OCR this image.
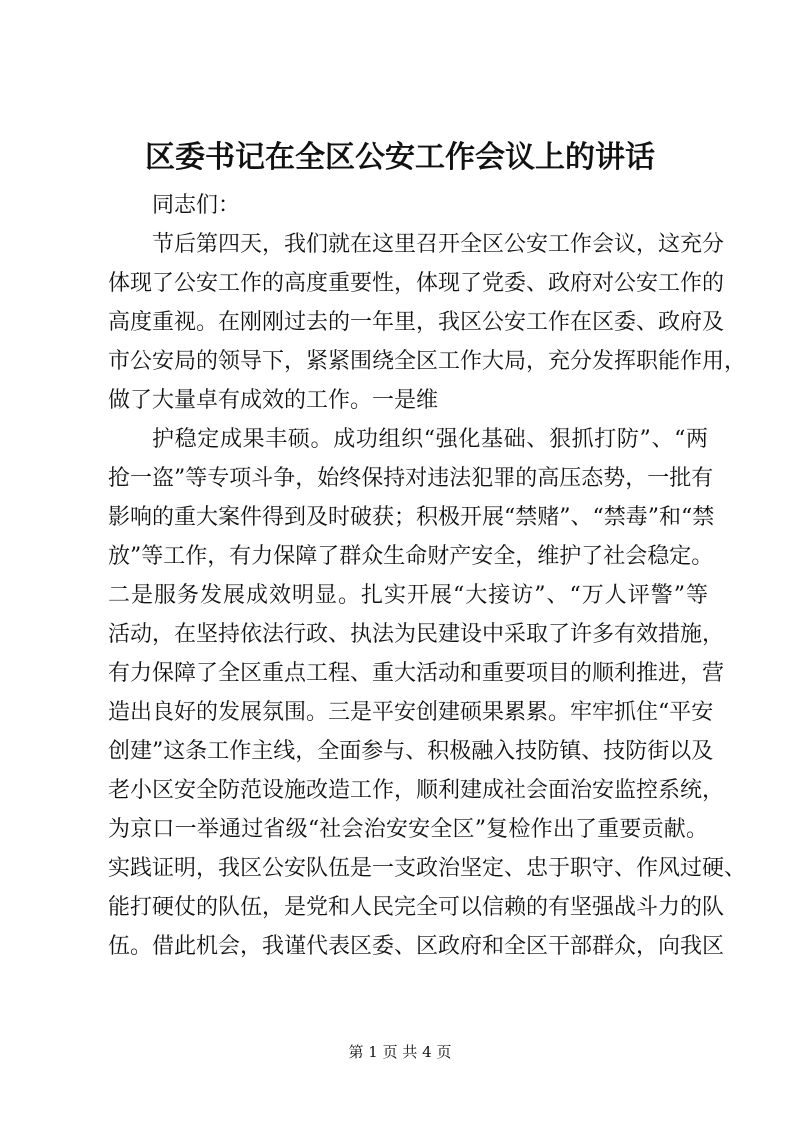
区委书记在全区公安工作会议上的讲话
同志们：
节后第四天，我们就在这里召开全区公安工作会议，这充分
体现了公安工作的高度重要性，体现了党委、政府对公安工作的
高度重视。在刚刚过去的一年里，我区公安工作在区委、政府及
市公安局的领导下，紧紧围绕全区工作大局，充分发挥职能作用，
做了大量卓有成效的工作。一是维
护稳定成果丰硕。成功组织“强化基础、狠抓打防”、“两
抢一盗”等专项斗争，始终保持对违法犯罪的高压态势，一批有
影响的重大案件得到及时破获；积极开展“禁赌”、“禁毒”和“禁
放”等工作，有力保障了群众生命财产安全，维护了社会稳定。
二是服务发展成效明显。扎实开展“大接访”、“万人评警”等
活动，在坚持依法行政、执法为民建设中采取了许多有效措施，
有力保障了全区重点工程、重大活动和重要项目的顺利推进，营
造出良好的发展氛围。三是平安创建硕果累累。牢牢抓住“平安
创建”这条工作主线，全面参与、积极融入技防镇、技防街以及
老小区安全防范设施改造工作，顺利建成社会面治安监控系统，
为京口一举通过省级“社会治安安全区”复检作出了重要贡献。
实践证明，我区公安队伍是一支政治坚定、忠于职守、作风过硬、
能打硬仗的队伍，是党和人民完全可以信赖的有坚强战斗力的队
伍。借此机会，我谨代表区委、区政府和全区干部群众，向我区
第 1 页 共 4 页
